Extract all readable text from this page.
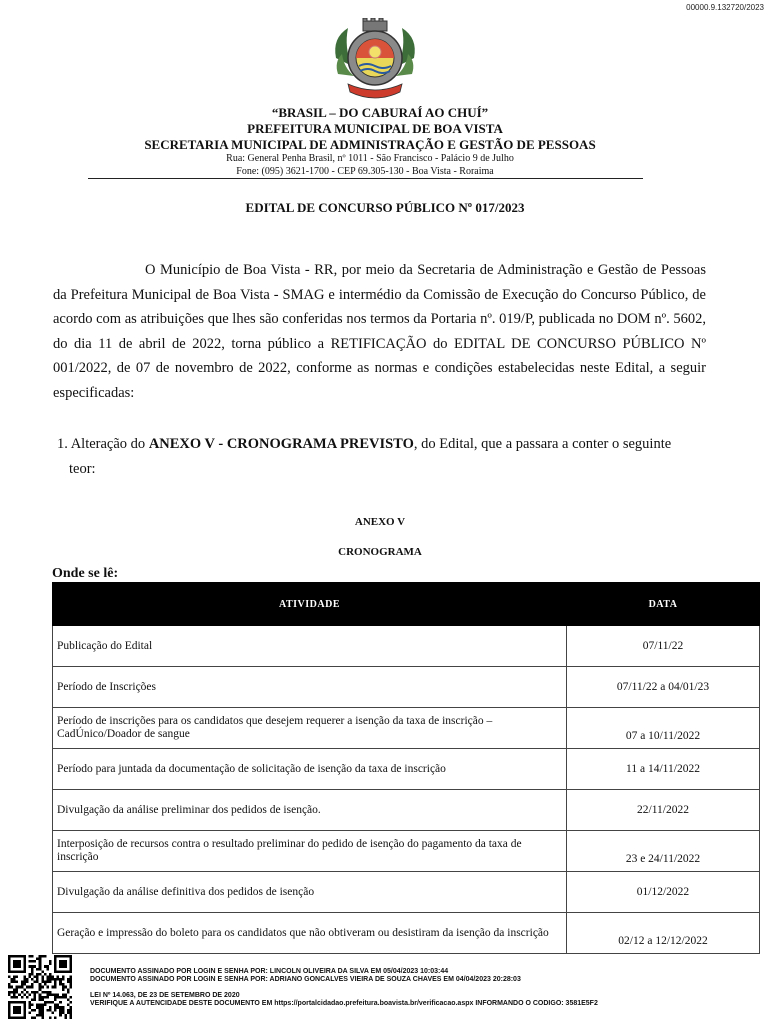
00000.9.132720/2023
“BRASIL – DO CABURAÍ AO CHUÍ”
PREFEITURA MUNICIPAL DE BOA VISTA
SECRETARIA MUNICIPAL DE ADMINISTRAÇÃO E GESTÃO DE PESSOAS
Rua: General Penha Brasil, nº 1011 - São Francisco - Palácio 9 de Julho
Fone: (095) 3621-1700 - CEP 69.305-130 - Boa Vista - Roraima
EDITAL DE CONCURSO PÚBLICO Nº 017/2023
O Município de Boa Vista - RR, por meio da Secretaria de Administração e Gestão de Pessoas da Prefeitura Municipal de Boa Vista - SMAG e intermédio da Comissão de Execução do Concurso Público, de acordo com as atribuições que lhes são conferidas nos termos da Portaria nº. 019/P, publicada no DOM nº. 5602, do dia 11 de abril de 2022, torna público a RETIFICAÇÃO do EDITAL DE CONCURSO PÚBLICO Nº 001/2022, de 07 de novembro de 2022, conforme as normas e condições estabelecidas neste Edital, a seguir especificadas:
1. Alteração do ANEXO V - CRONOGRAMA PREVISTO, do Edital, que a passara a conter o seguinte
teor:
ANEXO V
CRONOGRAMA
Onde se lê:
ATIVIDADE	DATA
Publicação do Edital	07/11/22
Período de Inscrições	07/11/22 a 04/01/23
Período de inscrições para os candidatos que desejem requerer a isenção da taxa de inscrição – CadÚnico/Doador de sangue	07 a 10/11/2022
Período para juntada da documentação de solicitação de isenção da taxa de inscrição	11 a 14/11/2022
Divulgação da análise preliminar dos pedidos de isenção.	22/11/2022
Interposição de recursos contra o resultado preliminar do pedido de isenção do pagamento da taxa de inscrição	23 e 24/11/2022
Divulgação da análise definitiva dos pedidos de isenção	01/12/2022
Geração e impressão do boleto para os candidatos que não obtiveram ou desistiram da isenção da inscrição	02/12 a 12/12/2022
DOCUMENTO ASSINADO POR LOGIN E SENHA POR: LINCOLN OLIVEIRA DA SILVA EM 05/04/2023 10:03:44
DOCUMENTO ASSINADO POR LOGIN E SENHA POR: ADRIANO GONCALVES VIEIRA DE SOUZA CHAVES EM 04/04/2023 20:28:03
LEI Nº 14.063, DE 23 DE SETEMBRO DE 2020
VERIFIQUE A AUTENCIDADE DESTE DOCUMENTO EM https://portalcidadao.prefeitura.boavista.br/verificacao.aspx INFORMANDO O CODIGO: 3581E5F2
